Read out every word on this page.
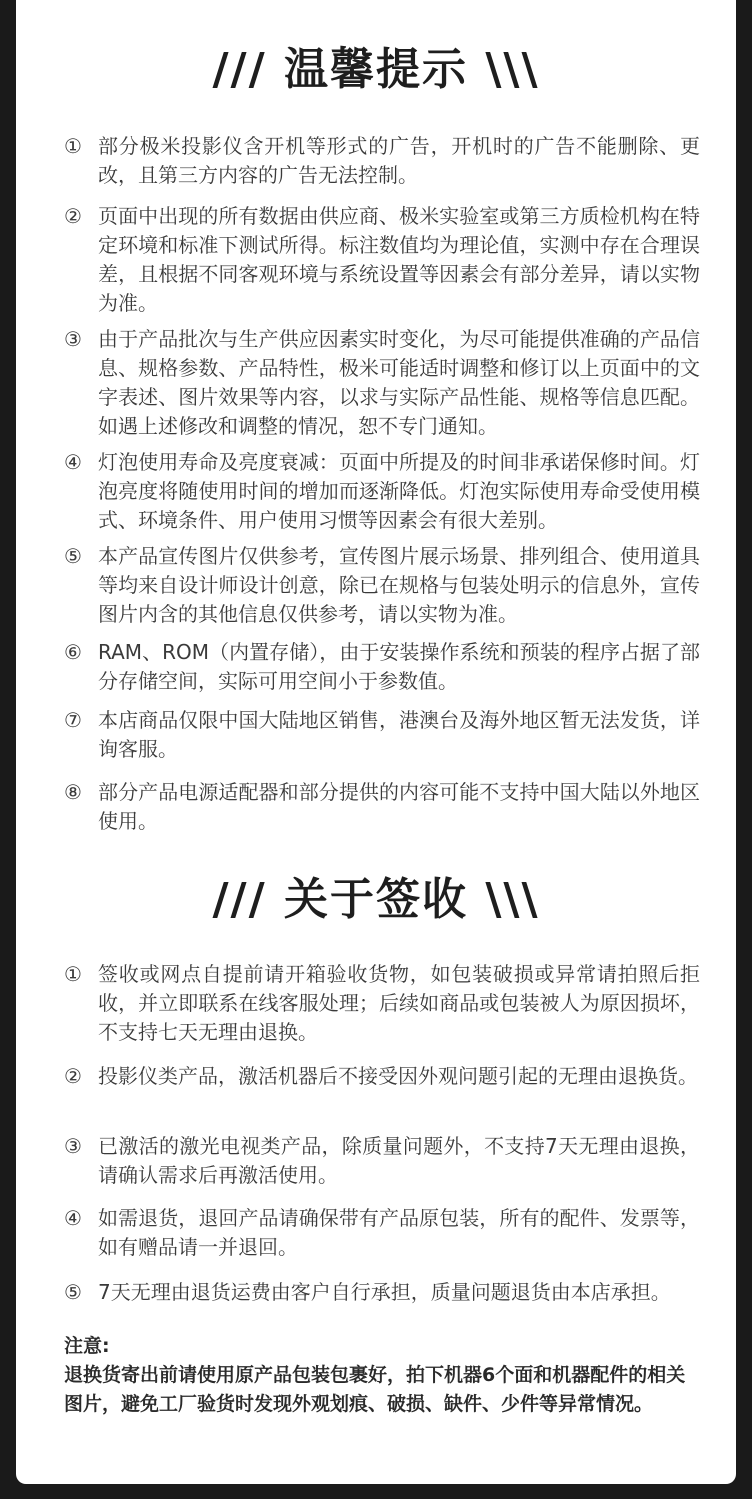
/// 温馨提示 \\\
① 部分极米投影仪含开机等形式的广告，开机时的广告不能删除、更改，且第三方内容的广告无法控制。
② 页面中出现的所有数据由供应商、极米实验室或第三方质检机构在特定环境和标准下测试所得。标注数值均为理论值，实测中存在合理误差，且根据不同客观环境与系统设置等因素会有部分差异，请以实物为准。
③ 由于产品批次与生产供应因素实时变化，为尽可能提供准确的产品信息、规格参数、产品特性，极米可能适时调整和修订以上页面中的文字表述、图片效果等内容，以求与实际产品性能、规格等信息匹配。如遇上述修改和调整的情况，恕不专门通知。
④ 灯泡使用寿命及亮度衰减：页面中所提及的时间非承诺保修时间。灯泡亮度将随使用时间的增加而逐渐降低。灯泡实际使用寿命受使用模式、环境条件、用户使用习惯等因素会有很大差别。
⑤ 本产品宣传图片仅供参考，宣传图片展示场景、排列组合、使用道具等均来自设计师设计创意，除已在规格与包装处明示的信息外，宣传图片内含的其他信息仅供参考，请以实物为准。
⑥ RAM、ROM（内置存储），由于安装操作系统和预装的程序占据了部分存储空间，实际可用空间小于参数值。
⑦ 本店商品仅限中国大陆地区销售，港澳台及海外地区暂无法发货，详询客服。
⑧ 部分产品电源适配器和部分提供的内容可能不支持中国大陆以外地区使用。
/// 关于签收 \\\
① 签收或网点自提前请开箱验收货物，如包装破损或异常请拍照后拒收，并立即联系在线客服处理；后续如商品或包装被人为原因损坏，不支持七天无理由退换。
② 投影仪类产品，激活机器后不接受因外观问题引起的无理由退换货。
③ 已激活的激光电视类产品，除质量问题外，不支持7天无理由退换，请确认需求后再激活使用。
④ 如需退货，退回产品请确保带有产品原包装，所有的配件、发票等，如有赠品请一并退回。
⑤ 7天无理由退货运费由客户自行承担，质量问题退货由本店承担。
注意:
退换货寄出前请使用原产品包装包裹好，拍下机器6个面和机器配件的相关图片，避免工厂验货时发现外观划痕、破损、缺件、少件等异常情况。
